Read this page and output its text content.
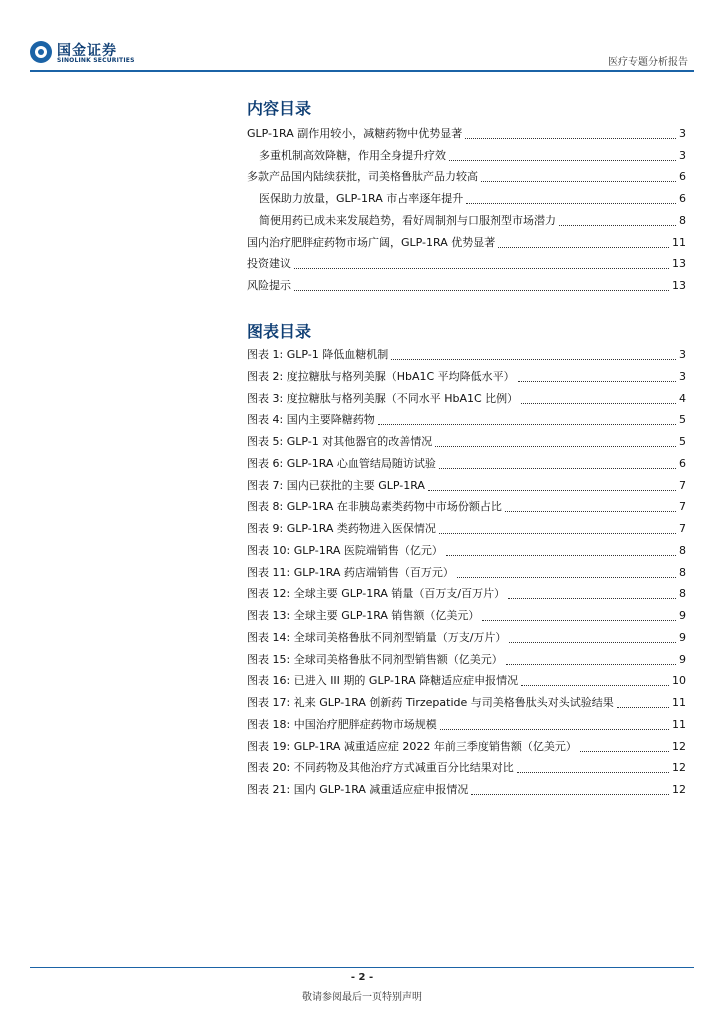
国金证券
SINOLINK SECURITIES	医疗专题分析报告
内容目录
GLP-1RA 副作用较小，减糖药物中优势显著	3
多重机制高效降糖，作用全身提升疗效	3
多款产品国内陆续获批，司美格鲁肽产品力较高	6
医保助力放量，GLP-1RA 市占率逐年提升	6
简便用药已成未来发展趋势，看好周制剂与口服剂型市场潜力	8
国内治疗肥胖症药物市场广阔，GLP-1RA 优势显著	11
投资建议	13
风险提示	13
图表目录
图表 1: GLP-1 降低血糖机制	3
图表 2: 度拉糖肽与格列美脲（HbA1C 平均降低水平）	3
图表 3: 度拉糖肽与格列美脲（不同水平 HbA1C 比例）	4
图表 4: 国内主要降糖药物	5
图表 5: GLP-1 对其他器官的改善情况	5
图表 6: GLP-1RA 心血管结局随访试验	6
图表 7: 国内已获批的主要 GLP-1RA	7
图表 8: GLP-1RA 在非胰岛素类药物中市场份额占比	7
图表 9: GLP-1RA 类药物进入医保情况	7
图表 10: GLP-1RA 医院端销售（亿元）	8
图表 11: GLP-1RA 药店端销售（百万元）	8
图表 12: 全球主要 GLP-1RA 销量（百万支/百万片）	8
图表 13: 全球主要 GLP-1RA 销售额（亿美元）	9
图表 14: 全球司美格鲁肽不同剂型销量（万支/万片）	9
图表 15: 全球司美格鲁肽不同剂型销售额（亿美元）	9
图表 16: 已进入 III 期的 GLP-1RA 降糖适应症申报情况	10
图表 17: 礼来 GLP-1RA 创新药 Tirzepatide 与司美格鲁肽头对头试验结果	11
图表 18: 中国治疗肥胖症药物市场规模	11
图表 19: GLP-1RA 减重适应症 2022 年前三季度销售额（亿美元）	12
图表 20: 不同药物及其他治疗方式减重百分比结果对比	12
图表 21: 国内 GLP-1RA 减重适应症申报情况	12
- 2 -
敬请参阅最后一页特别声明
